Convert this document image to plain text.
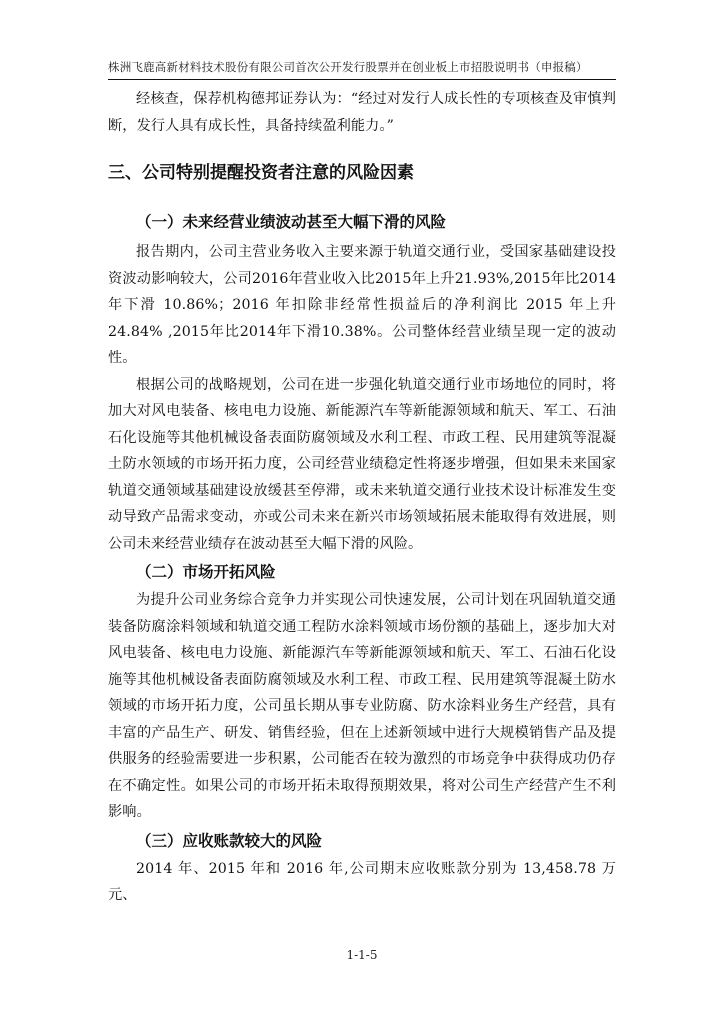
株洲飞鹿高新材料技术股份有限公司首次公开发行股票并在创业板上市招股说明书（申报稿）

经核查，保荐机构德邦证券认为：“经过对发行人成长性的专项核查及审慎判断，发行人具有成长性，具备持续盈利能力。”

三、公司特别提醒投资者注意的风险因素
（一）未来经营业绩波动甚至大幅下滑的风险

报告期内，公司主营业务收入主要来源于轨道交通行业，受国家基础建设投资波动影响较大，公司2016年营业收入比2015年上升21.93%,2015年比2014年下滑 10.86%；2016 年扣除非经常性损益后的净利润比 2015 年上升24.84% ,2015年比2014年下滑10.38%。公司整体经营业绩呈现一定的波动性。

根据公司的战略规划，公司在进一步强化轨道交通行业市场地位的同时，将加大对风电装备、核电电力设施、新能源汽车等新能源领域和航天、军工、石油石化设施等其他机械设备表面防腐领域及水利工程、市政工程、民用建筑等混凝土防水领域的市场开拓力度，公司经营业绩稳定性将逐步增强，但如果未来国家轨道交通领域基础建设放缓甚至停滞，或未来轨道交通行业技术设计标准发生变动导致产品需求变动，亦或公司未来在新兴市场领域拓展未能取得有效进展，则公司未来经营业绩存在波动甚至大幅下滑的风险。

（二）市场开拓风险

为提升公司业务综合竞争力并实现公司快速发展，公司计划在巩固轨道交通装备防腐涂料领域和轨道交通工程防水涂料领域市场份额的基础上，逐步加大对风电装备、核电电力设施、新能源汽车等新能源领域和航天、军工、石油石化设施等其他机械设备表面防腐领域及水利工程、市政工程、民用建筑等混凝土防水领域的市场开拓力度，公司虽长期从事专业防腐、防水涂料业务生产经营，具有丰富的产品生产、研发、销售经验，但在上述新领域中进行大规模销售产品及提供服务的经验需要进一步积累，公司能否在较为激烈的市场竞争中获得成功仍存在不确定性。如果公司的市场开拓未取得预期效果，将对公司生产经营产生不利影响。

（三）应收账款较大的风险

2014 年、2015 年和 2016 年,公司期末应收账款分别为 13,458.78 万元、

1-1-5
